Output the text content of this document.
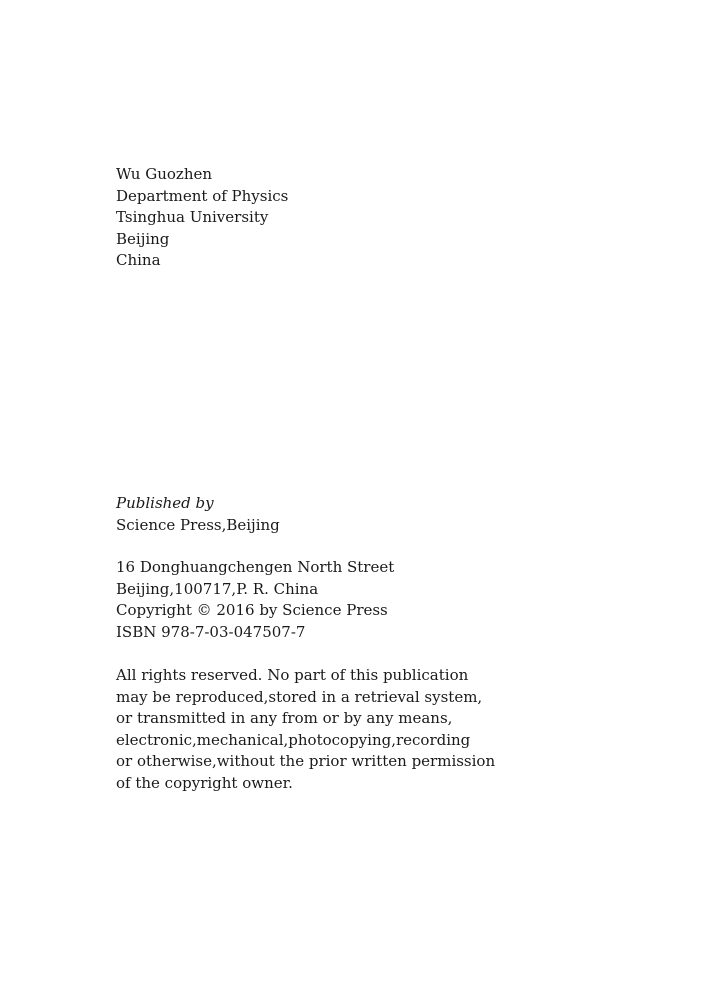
Wu Guozhen
Department of Physics
Tsinghua University
Beijing
China
Published by
Science Press,Beijing
16 Donghuangchengen North Street
Beijing,100717,P. R. China
Copyright © 2016 by Science Press
ISBN 978-7-03-047507-7
All rights reserved. No part of this publication
may be reproduced,stored in a retrieval system,
or transmitted in any from or by any means,
electronic,mechanical,photocopying,recording
or otherwise,without the prior written permission
of the copyright owner.
